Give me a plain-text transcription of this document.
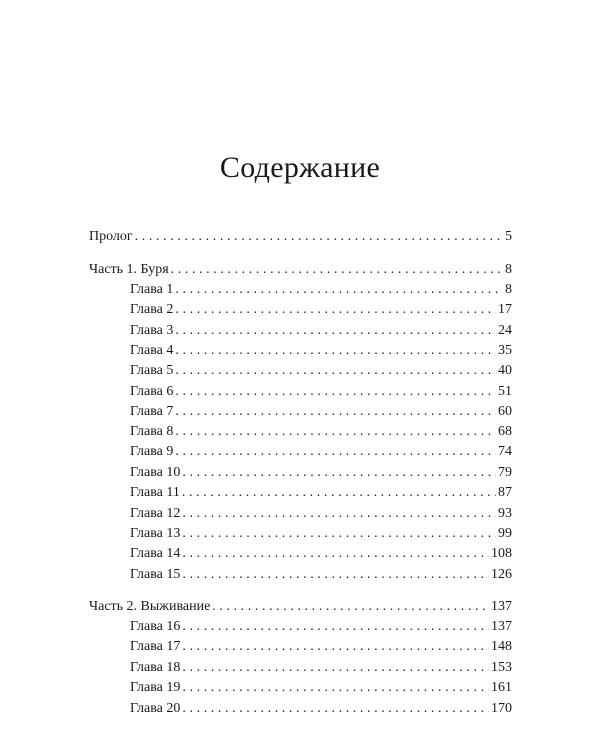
Содержание
Пролог .....	5
Часть 1. Буря .....	8
Глава 1 .....	8
Глава 2 .....	17
Глава 3 .....	24
Глава 4 .....	35
Глава 5 .....	40
Глава 6 .....	51
Глава 7 .....	60
Глава 8 .....	68
Глава 9 .....	74
Глава 10 .....	79
Глава 11 .....	87
Глава 12 .....	93
Глава 13 .....	99
Глава 14 .....	108
Глава 15 .....	126
Часть 2. Выживание .....	137
Глава 16 .....	137
Глава 17 .....	148
Глава 18 .....	153
Глава 19 .....	161
Глава 20 .....	170
